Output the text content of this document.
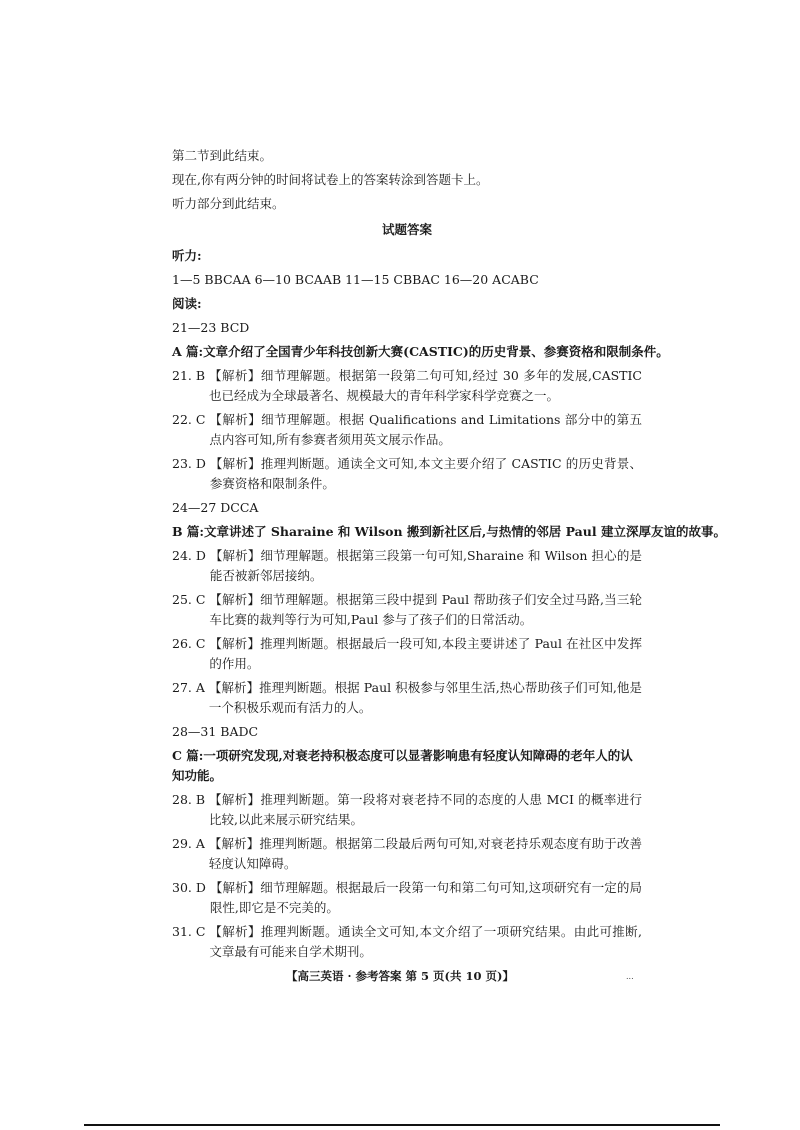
第二节到此结束。
现在,你有两分钟的时间将试卷上的答案转涂到答题卡上。
听力部分到此结束。
试题答案
听力:
1—5 BBCAA 6—10 BCAAB 11—15 CBBAC 16—20 ACABC
阅读:
21—23 BCD
A 篇:文章介绍了全国青少年科技创新大赛(CASTIC)的历史背景、参赛资格和限制条件。
21. B 【解析】细节理解题。根据第一段第二句可知,经过 30 多年的发展,CASTIC 也已经成为全球最著名、规模最大的青年科学家科学竞赛之一。
22. C 【解析】细节理解题。根据 Qualifications and Limitations 部分中的第五点内容可知,所有参赛者须用英文展示作品。
23. D 【解析】推理判断题。通读全文可知,本文主要介绍了 CASTIC 的历史背景、参赛资格和限制条件。
24—27 DCCA
B 篇:文章讲述了 Sharaine 和 Wilson 搬到新社区后,与热情的邻居 Paul 建立深厚友谊的故事。
24. D 【解析】细节理解题。根据第三段第一句可知,Sharaine 和 Wilson 担心的是能否被新邻居接纳。
25. C 【解析】细节理解题。根据第三段中提到 Paul 帮助孩子们安全过马路,当三轮车比赛的裁判等行为可知,Paul 参与了孩子们的日常活动。
26. C 【解析】推理判断题。根据最后一段可知,本段主要讲述了 Paul 在社区中发挥的作用。
27. A 【解析】推理判断题。根据 Paul 积极参与邻里生活,热心帮助孩子们可知,他是一个积极乐观而有活力的人。
28—31 BADC
C 篇:一项研究发现,对衰老持积极态度可以显著影响患有轻度认知障碍的老年人的认知功能。
28. B 【解析】推理判断题。第一段将对衰老持不同的态度的人患 MCI 的概率进行比较,以此来展示研究结果。
29. A 【解析】推理判断题。根据第二段最后两句可知,对衰老持乐观态度有助于改善轻度认知障碍。
30. D 【解析】细节理解题。根据最后一段第一句和第二句可知,这项研究有一定的局限性,即它是不完美的。
31. C 【解析】推理判断题。通读全文可知,本文介绍了一项研究结果。由此可推断,文章最有可能来自学术期刊。
【高三英语 · 参考答案 第 5 页(共 10 页)】	...
